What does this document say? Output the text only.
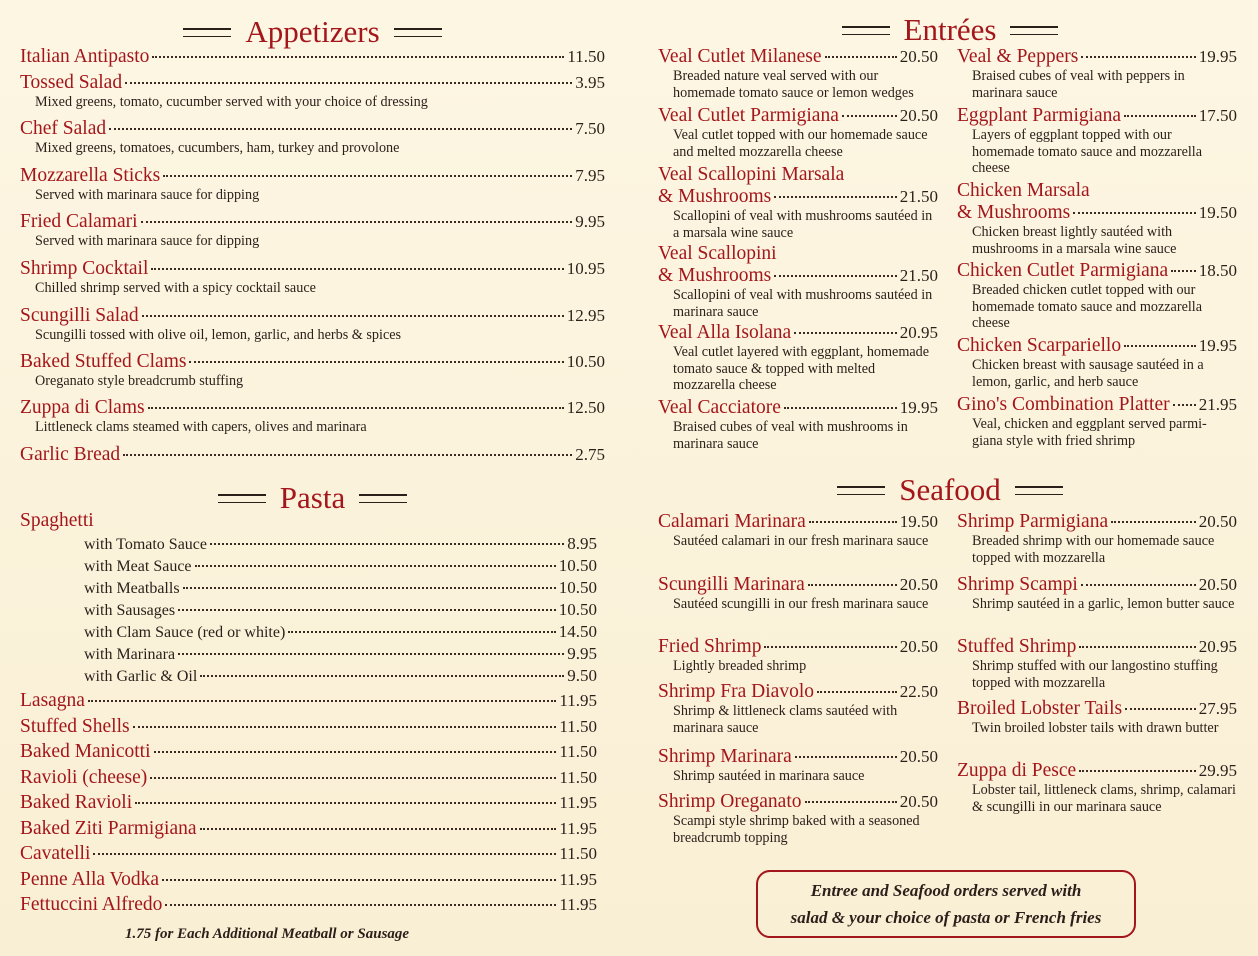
Appetizers
Italian Antipasto	11.50
Tossed Salad	3.95
Mixed greens, tomato, cucumber served with your choice of dressing
Chef Salad	7.50
Mixed greens, tomatoes, cucumbers, ham, turkey and provolone
Mozzarella Sticks	7.95
Served with marinara sauce for dipping
Fried Calamari	9.95
Served with marinara sauce for dipping
Shrimp Cocktail	10.95
Chilled shrimp served with a spicy cocktail sauce
Scungilli Salad	12.95
Scungilli tossed with olive oil, lemon, garlic, and herbs & spices
Baked Stuffed Clams	10.50
Oreganato style breadcrumb stuffing
Zuppa di Clams	12.50
Littleneck clams steamed with capers, olives and marinara
Garlic Bread	2.75
Pasta
Spaghetti
with Tomato Sauce	8.95
with Meat Sauce	10.50
with Meatballs	10.50
with Sausages	10.50
with Clam Sauce (red or white)	14.50
with Marinara	9.95
with Garlic & Oil	9.50
Lasagna	11.95
Stuffed Shells	11.50
Baked Manicotti	11.50
Ravioli (cheese)	11.50
Baked Ravioli	11.95
Baked Ziti Parmigiana	11.95
Cavatelli	11.50
Penne Alla Vodka	11.95
Fettuccini Alfredo	11.95
1.75 for Each Additional Meatball or Sausage
Entrées
Veal Cutlet Milanese	20.50
Breaded nature veal served with our homemade tomato sauce or lemon wedges
Veal Cutlet Parmigiana	20.50
Veal cutlet topped with our homemade sauce and melted mozzarella cheese
Veal Scallopini Marsala
& Mushrooms	21.50
Scallopini of veal with mushrooms sautéed in a marsala wine sauce
Veal Scallopini
& Mushrooms	21.50
Scallopini of veal with mushrooms sautéed in marinara sauce
Veal Alla Isolana	20.95
Veal cutlet layered with eggplant, homemade tomato sauce & topped with melted mozzarella cheese
Veal Cacciatore	19.95
Braised cubes of veal with mushrooms in marinara sauce
Veal & Peppers	19.95
Braised cubes of veal with peppers in marinara sauce
Eggplant Parmigiana	17.50
Layers of eggplant topped with our homemade tomato sauce and mozzarella cheese
Chicken Marsala
& Mushrooms	19.50
Chicken breast lightly sautéed with mushrooms in a marsala wine sauce
Chicken Cutlet Parmigiana 18.50
Breaded chicken cutlet topped with our homemade tomato sauce and mozzarella cheese
Chicken Scarpariello	19.95
Chicken breast with sausage sautéed in a lemon, garlic, and herb sauce
Gino's Combination Platter 21.95
Veal, chicken and eggplant served parmi-giana style with fried shrimp
Seafood
Calamari Marinara	19.50
Sautéed calamari in our fresh marinara sauce
Scungilli Marinara	20.50
Sautéed scungilli in our fresh marinara sauce
Fried Shrimp	20.50
Lightly breaded shrimp
Shrimp Fra Diavolo	22.50
Shrimp & littleneck clams sautéed with marinara sauce
Shrimp Marinara	20.50
Shrimp sautéed in marinara sauce
Shrimp Oreganato	20.50
Scampi style shrimp baked with a seasoned breadcrumb topping
Shrimp Parmigiana	20.50
Breaded shrimp with our homemade sauce topped with mozzarella
Shrimp Scampi	20.50
Shrimp sautéed in a garlic, lemon butter sauce
Stuffed Shrimp	20.95
Shrimp stuffed with our langostino stuffing topped with mozzarella
Broiled Lobster Tails	27.95
Twin broiled lobster tails with drawn butter
Zuppa di Pesce	29.95
Lobster tail, littleneck clams, shrimp, calamari & scungilli in our marinara sauce
Entree and Seafood orders served with
salad & your choice of pasta or French fries
